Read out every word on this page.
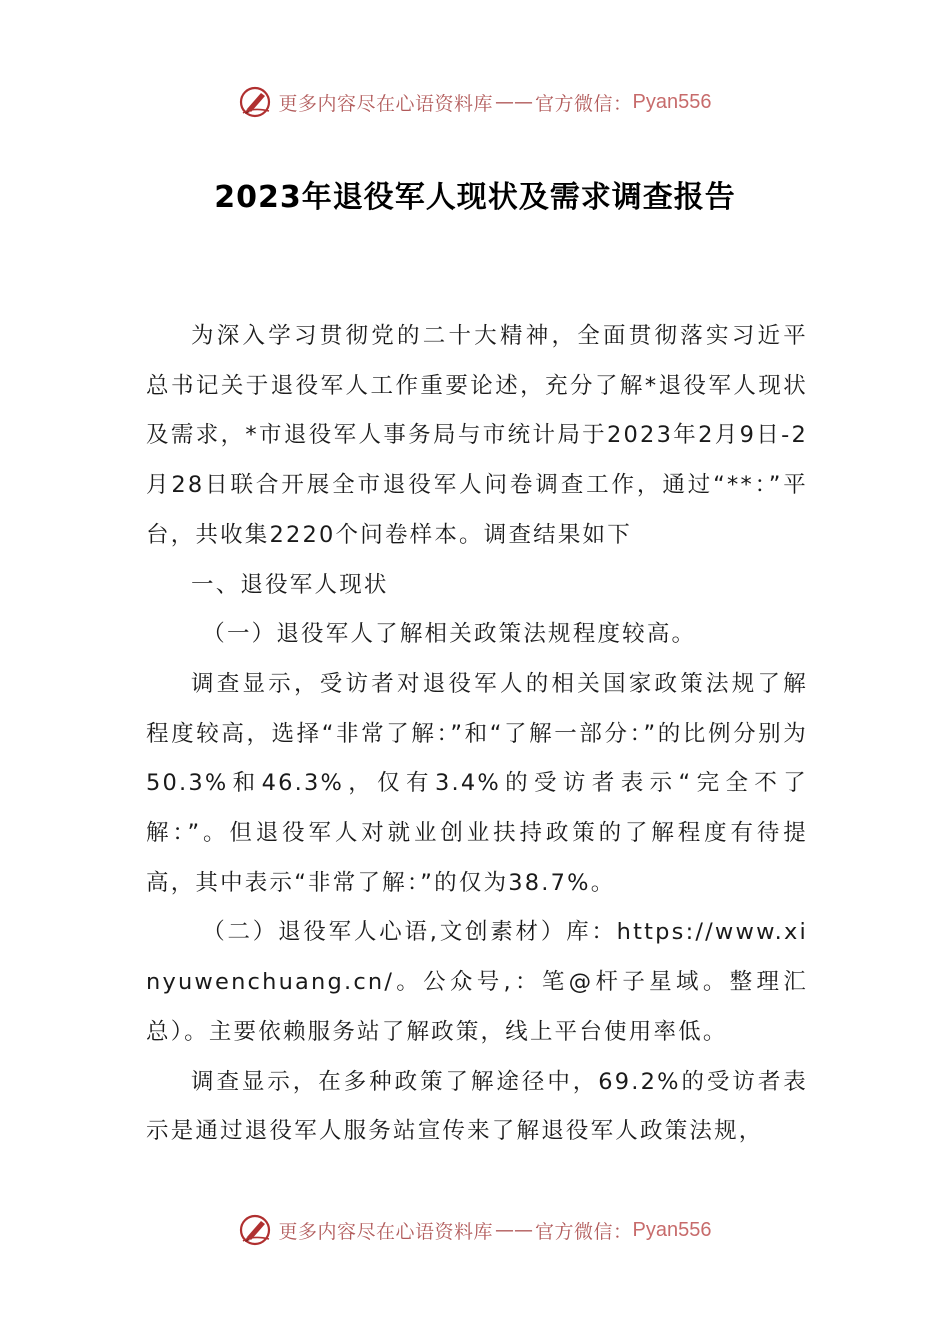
更多内容尽在心语资料库 —— 官方微信： Pyan556
2023年退役军人现状及需求调查报告

为深入学习贯彻党的二十大精神，全面贯彻落实习近平总书记关于退役军人工作重要论述，充分了解*退役军人现状及需求，*市退役军人事务局与市统计局于2023年2月9日-2月28日联合开展全市退役军人问卷调查工作，通过“**：”平台，共收集2220个问卷样本。调查结果如下

一、退役军人现状

（一）退役军人了解相关政策法规程度较高。

调查显示，受访者对退役军人的相关国家政策法规了解程度较高，选择“非常了解：”和“了解一部分：”的比例分别为50.3%和46.3%，仅有3.4%的受访者表示“完全不了解：”。但退役军人对就业创业扶持政策的了解程度有待提高，其中表示“非常了解：”的仅为38.7%。

（二）退役军人心语,文创素材）库：https://www.xinyuwenchuang.cn/。公众号,：笔@杆子星域。整理汇总）。主要依赖服务站了解政策，线上平台使用率低。

调查显示，在多种政策了解途径中，69.2%的受访者表示是通过退役军人服务站宣传来了解退役军人政策法规，

更多内容尽在心语资料库 —— 官方微信： Pyan556
